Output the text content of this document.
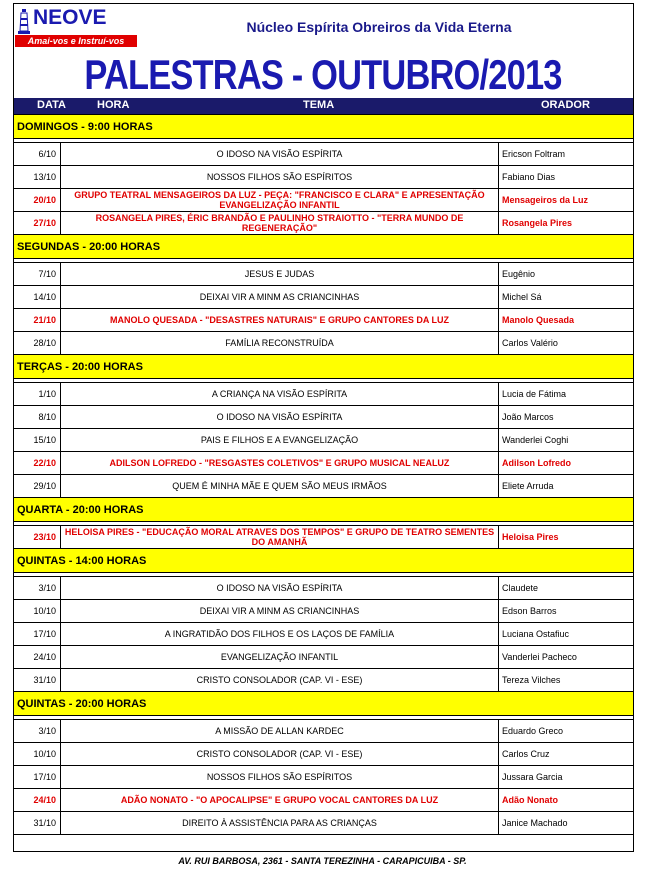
NEOVE
Amai-vos e Instruí-vos
Núcleo Espírita Obreiros da Vida Eterna
PALESTRAS - OUTUBRO/2013
DATA	HORA	TEMA	ORADOR
DOMINGOS - 9:00 HORAS		

6/10	O IDOSO NA VISÃO ESPÍRITA	Ericson Foltram
13/10	NOSSOS FILHOS SÃO ESPÍRITOS	Fabiano Dias
20/10	GRUPO TEATRAL MENSAGEIROS DA LUZ - PEÇA: "FRANCISCO E CLARA" E APRESENTAÇÃO EVANGELIZAÇÃO INFANTIL	Mensageiros da Luz
27/10	ROSANGELA PIRES, ÉRIC BRANDÃO E PAULINHO STRAIOTTO - "TERRA MUNDO DE REGENERAÇÃO"	Rosangela Pires
SEGUNDAS - 20:00 HORAS		

7/10	JESUS E JUDAS	Eugênio
14/10	DEIXAI VIR A MINM AS CRIANCINHAS	Michel Sá
21/10	MANOLO QUESADA - "DESASTRES NATURAIS" E GRUPO CANTORES DA LUZ	Manolo Quesada
28/10	FAMÍLIA RECONSTRUÍDA	Carlos Valério
TERÇAS - 20:00 HORAS		

1/10	A CRIANÇA NA VISÃO ESPÍRITA	Lucia de Fátima
8/10	O IDOSO NA VISÃO ESPÍRITA	João Marcos
15/10	PAIS E FILHOS E A EVANGELIZAÇÃO	Wanderlei Coghi
22/10	ADILSON LOFREDO - "RESGASTES COLETIVOS" E GRUPO MUSICAL NEALUZ	Adilson Lofredo
29/10	QUEM É MINHA MÃE E QUEM SÃO MEUS IRMÃOS	Eliete Arruda
QUARTA - 20:00 HORAS		

23/10	HELOISA PIRES - "EDUCAÇÃO MORAL ATRAVES DOS TEMPOS" E GRUPO DE TEATRO SEMENTES DO AMANHÃ	Heloisa Pires
QUINTAS - 14:00 HORAS		

3/10	O IDOSO NA VISÃO ESPÍRITA	Claudete
10/10	DEIXAI VIR A MINM AS CRIANCINHAS	Edson Barros
17/10	A INGRATIDÃO DOS FILHOS E OS LAÇOS DE FAMÍLIA	Luciana Ostafiuc
24/10	EVANGELIZAÇÃO INFANTIL	Vanderlei Pacheco
31/10	CRISTO CONSOLADOR (CAP. VI - ESE)	Tereza Vilches
QUINTAS - 20:00 HORAS		

3/10	A MISSÃO DE ALLAN KARDEC	Eduardo Greco
10/10	CRISTO CONSOLADOR (CAP. VI - ESE)	Carlos Cruz
17/10	NOSSOS FILHOS SÃO ESPÍRITOS	Jussara Garcia
24/10	ADÃO NONATO - "O APOCALIPSE" E GRUPO VOCAL CANTORES DA LUZ	Adão Nonato
31/10	DIREITO À ASSISTÊNCIA PARA AS CRIANÇAS	Janice Machado
AV. RUI BARBOSA, 2361 - SANTA TEREZINHA - CARAPICUIBA - SP.
